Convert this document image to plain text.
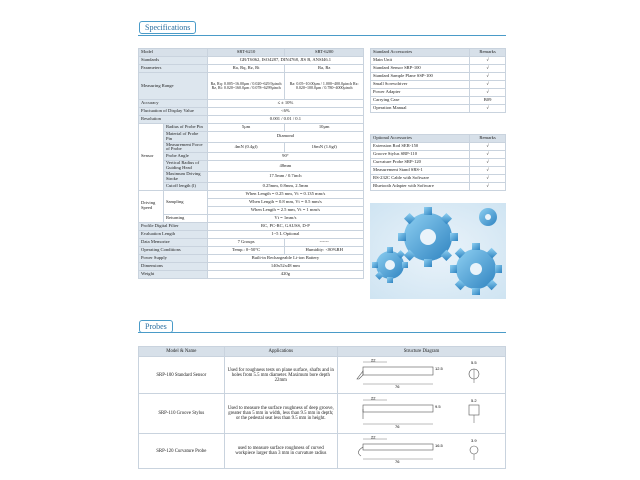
Specifications
Model		SRT-6210	SRT-6200
Standards		GB/T6062, ISO4287, DIN4768, JIS B, ANSI46.1	
Parameters		Ra, Rq, Rz, Rt	Ra, Rz
Measuring Range		Ra, Rq: 0.005~16.00μm / 0.020~629.9μinch Rz, Rt: 0.020~160.0μm / 0.078~6299μinch	Ra: 0.05~10.00μm / 1.000~400.0μinch Rz: 0.020~100.0μm / 0.780~4000μinch
Accuracy		≤ ± 10%	
Fluctuation of Display Value		<6%	
Resolution		0.001 / 0.01 / 0.1	
Sensor	Radius of Probe Pin	5μm	10μm
	Material of Probe Pin	Diamond	
	Measurement Force of Probe	4mN (0.4gf)	16mN (1.6gf)
	Probe Angle	90°	
	Vertical Radius of Guiding Head	48mm	
	Maximum Driving Stroke	17.5mm / 0.7inch	
	Cutoff length (l)	0.25mm, 0.8mm, 2.5mm	
Driving Speed	Sampling	When Length = 0.25 mm, Vt = 0.135 mm/s	
		When Length = 0.8 mm, Vt = 0.5 mm/s	
		When Length = 2.5 mm, Vt = 1 mm/s	
	Returning	Vt = 1mm/s	
Profile Digital Filter		RC, PC-RC, GAUSS, D-P	
Evaluation Length		1~5 L Optional	
Data Memorize		7 Groups	------
Operating Conditions		Temp.: 0~50°C	Humidity: <80%RH
Power Supply		Built-in Rechargeable Li-ion Battery	
Dimensions		140x52x48 mm	
Weight		420g	
Standard Accessories	Remarks
Main Unit	√
Standard Sensor SRP-100	√
Standard Sample Plane SSP-100	√
Small Screwdriver	√
Power Adapter	√
Carrying Case	B09
Operation Manual	√
Optional Accessories	Remarks
Extension Rod SER-150	√
Groove Stylus SRP-110	√
Curvature Probe SRP-120	√
Measurement Stand SRS-1	√
RS-232C Cable with Software	√
Bluetooth Adapter with Software	√
Probes
Model & Name	Applications	Structure Diagram
SRP-100 Standard Sensor	Used for roughness tests on plane surface, shafts and in holes from 5.5 mm diameter. Maximum bore depth 22mm	22
76
12.5
5.5

SRP-110 Groove Stylus	Used to measure the surface roughness of deep groove, greater than 5 mm in width, less than 9.5 mm in depth; or the pedestal seat less than 9.5 mm in height.	22
76
9.5
5.2

SRP-120 Curvature Probe	used to measure surface roughness of curved workpiece larger than 3 mm in curvature radius	22
76
16.5
3.9
